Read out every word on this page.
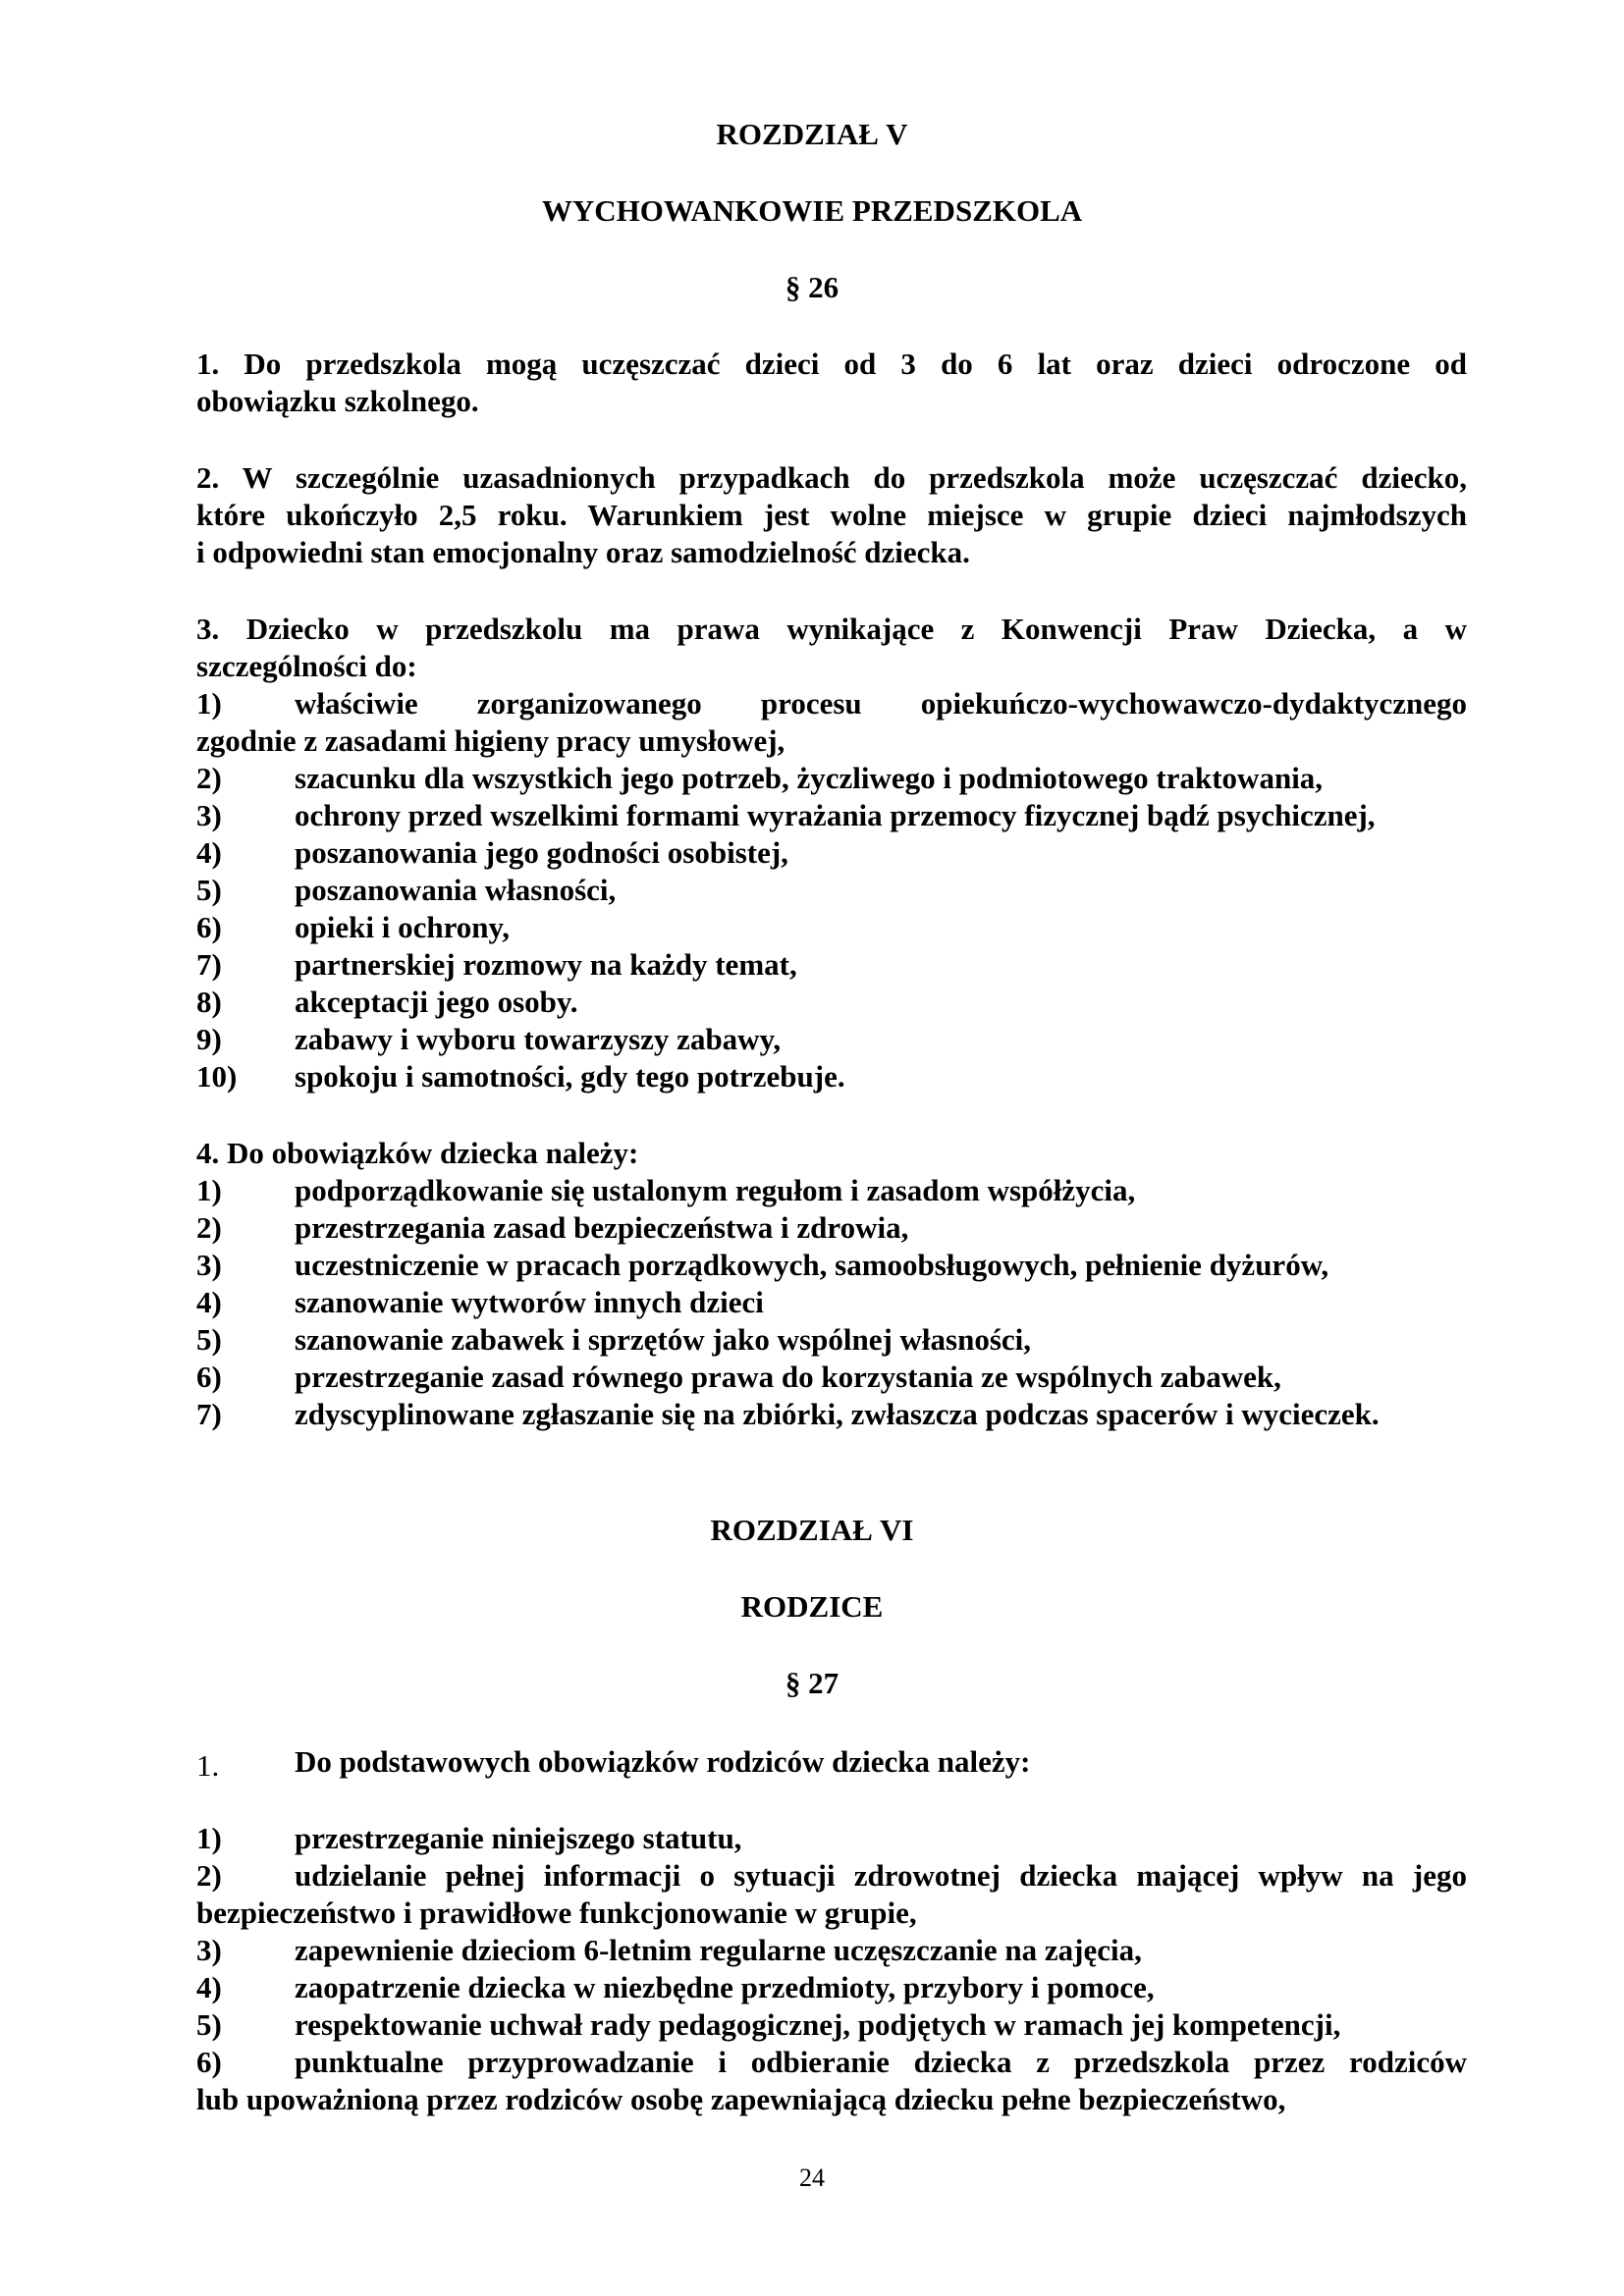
ROZDZIAŁ V
WYCHOWANKOWIE PRZEDSZKOLA
§ 26
1. Do przedszkola mogą uczęszczać dzieci od 3 do 6 lat oraz dzieci odroczone od
obowiązku szkolnego.
2. W szczególnie uzasadnionych przypadkach do przedszkola może uczęszczać dziecko,
które ukończyło 2,5 roku. Warunkiem jest wolne miejsce w grupie dzieci najmłodszych
i odpowiedni stan emocjonalny oraz samodzielność dziecka.
3. Dziecko w przedszkolu ma prawa wynikające z Konwencji Praw Dziecka, a w
szczególności do:
1) właściwie zorganizowanego procesu opiekuńczo-wychowawczo-dydaktycznego
zgodnie z zasadami higieny pracy umysłowej,
2) szacunku dla wszystkich jego potrzeb, życzliwego i podmiotowego traktowania,
3) ochrony przed wszelkimi formami wyrażania przemocy fizycznej bądź psychicznej,
4) poszanowania jego godności osobistej,
5) poszanowania własności,
6) opieki i ochrony,
7) partnerskiej rozmowy na każdy temat,
8) akceptacji jego osoby.
9) zabawy i wyboru towarzyszy zabawy,
10) spokoju i samotności, gdy tego potrzebuje.
4. Do obowiązków dziecka należy:
1) podporządkowanie się ustalonym regułom i zasadom współżycia,
2) przestrzegania zasad bezpieczeństwa i zdrowia,
3) uczestniczenie w pracach porządkowych, samoobsługowych, pełnienie dyżurów,
4) szanowanie wytworów innych dzieci
5) szanowanie zabawek i sprzętów jako wspólnej własności,
6) przestrzeganie zasad równego prawa do korzystania ze wspólnych zabawek,
7) zdyscyplinowane zgłaszanie się na zbiórki, zwłaszcza podczas spacerów i wycieczek.
ROZDZIAŁ VI
RODZICE
§ 27
1. Do podstawowych obowiązków rodziców dziecka należy:
1) przestrzeganie niniejszego statutu,
2) udzielanie pełnej informacji o sytuacji zdrowotnej dziecka mającej wpływ na jego
bezpieczeństwo i prawidłowe funkcjonowanie w grupie,
3) zapewnienie dzieciom 6-letnim regularne uczęszczanie na zajęcia,
4) zaopatrzenie dziecka w niezbędne przedmioty, przybory i pomoce,
5) respektowanie uchwał rady pedagogicznej, podjętych w ramach jej kompetencji,
6) punktualne przyprowadzanie i odbieranie dziecka z przedszkola przez rodziców
lub upoważnioną przez rodziców osobę zapewniającą dziecku pełne bezpieczeństwo,
24
